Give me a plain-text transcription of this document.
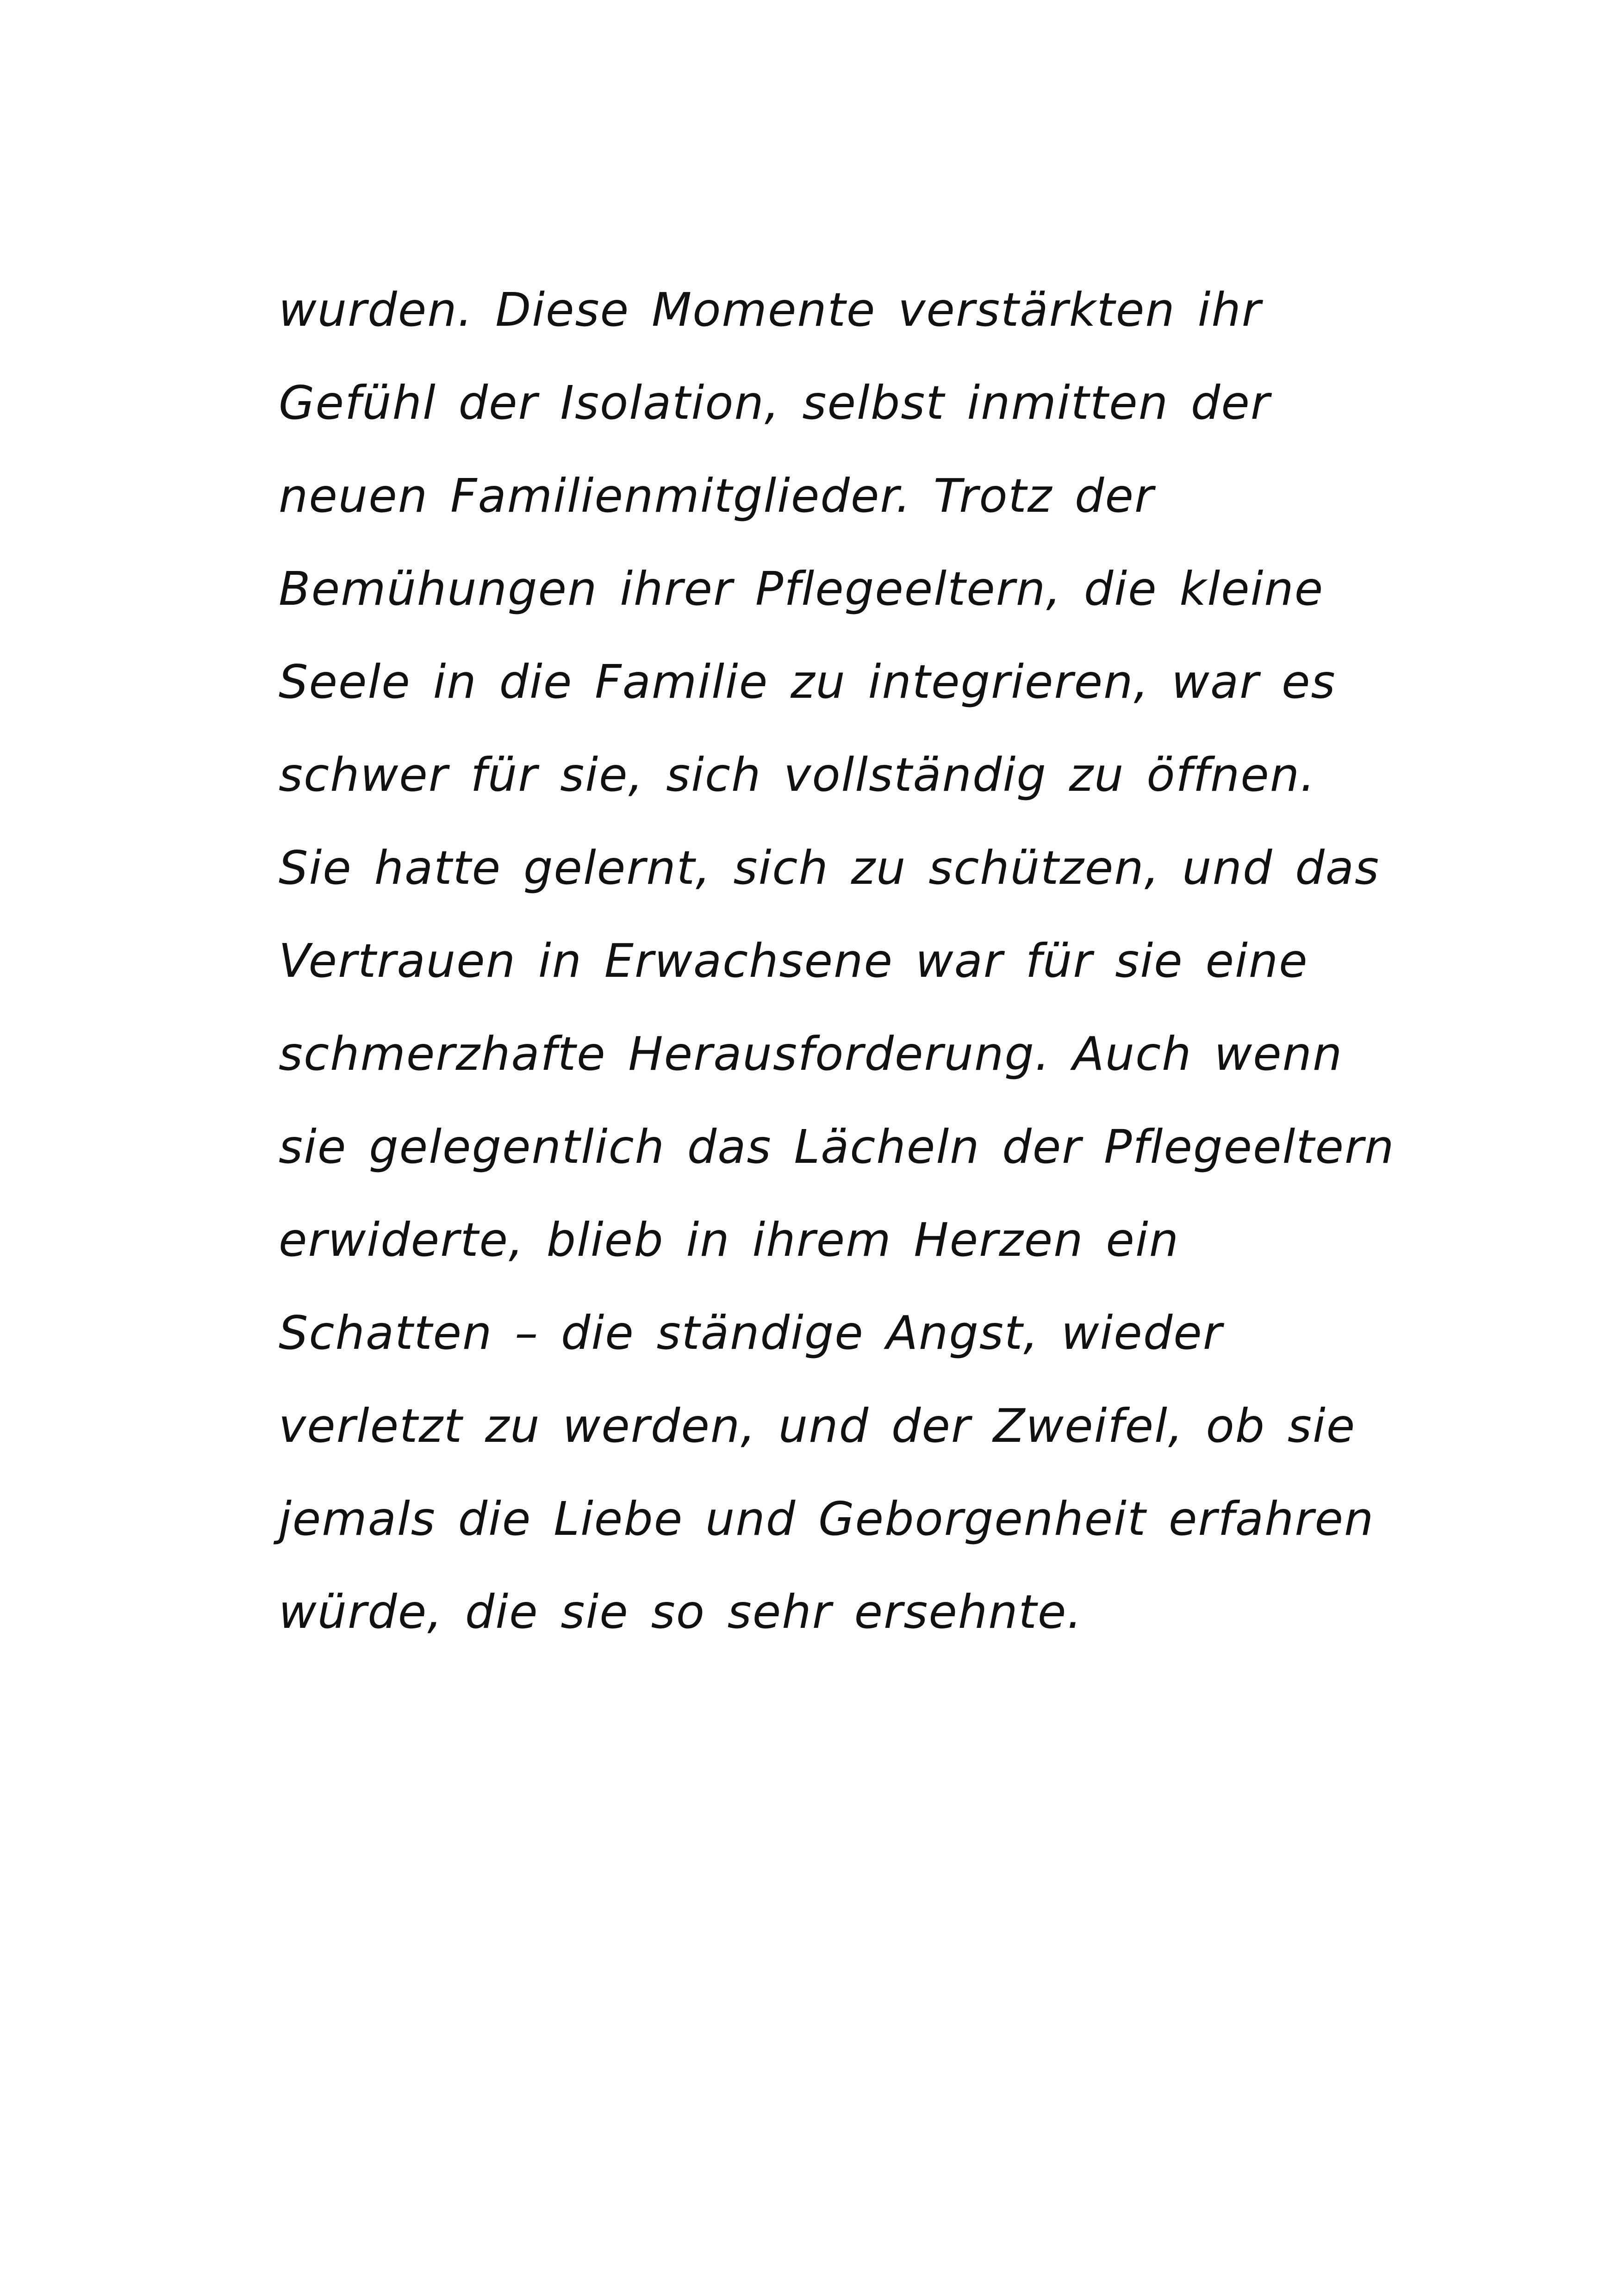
wurden. Diese Momente verstärkten ihr
Gefühl der Isolation, selbst inmitten der
neuen Familienmitglieder. Trotz der
Bemühungen ihrer Pflegeeltern, die kleine
Seele in die Familie zu integrieren, war es
schwer für sie, sich vollständig zu öffnen.
Sie hatte gelernt, sich zu schützen, und das
Vertrauen in Erwachsene war für sie eine
schmerzhafte Herausforderung. Auch wenn
sie gelegentlich das Lächeln der Pflegeeltern
erwiderte, blieb in ihrem Herzen ein
Schatten – die ständige Angst, wieder
verletzt zu werden, und der Zweifel, ob sie
jemals die Liebe und Geborgenheit erfahren
würde, die sie so sehr ersehnte.
